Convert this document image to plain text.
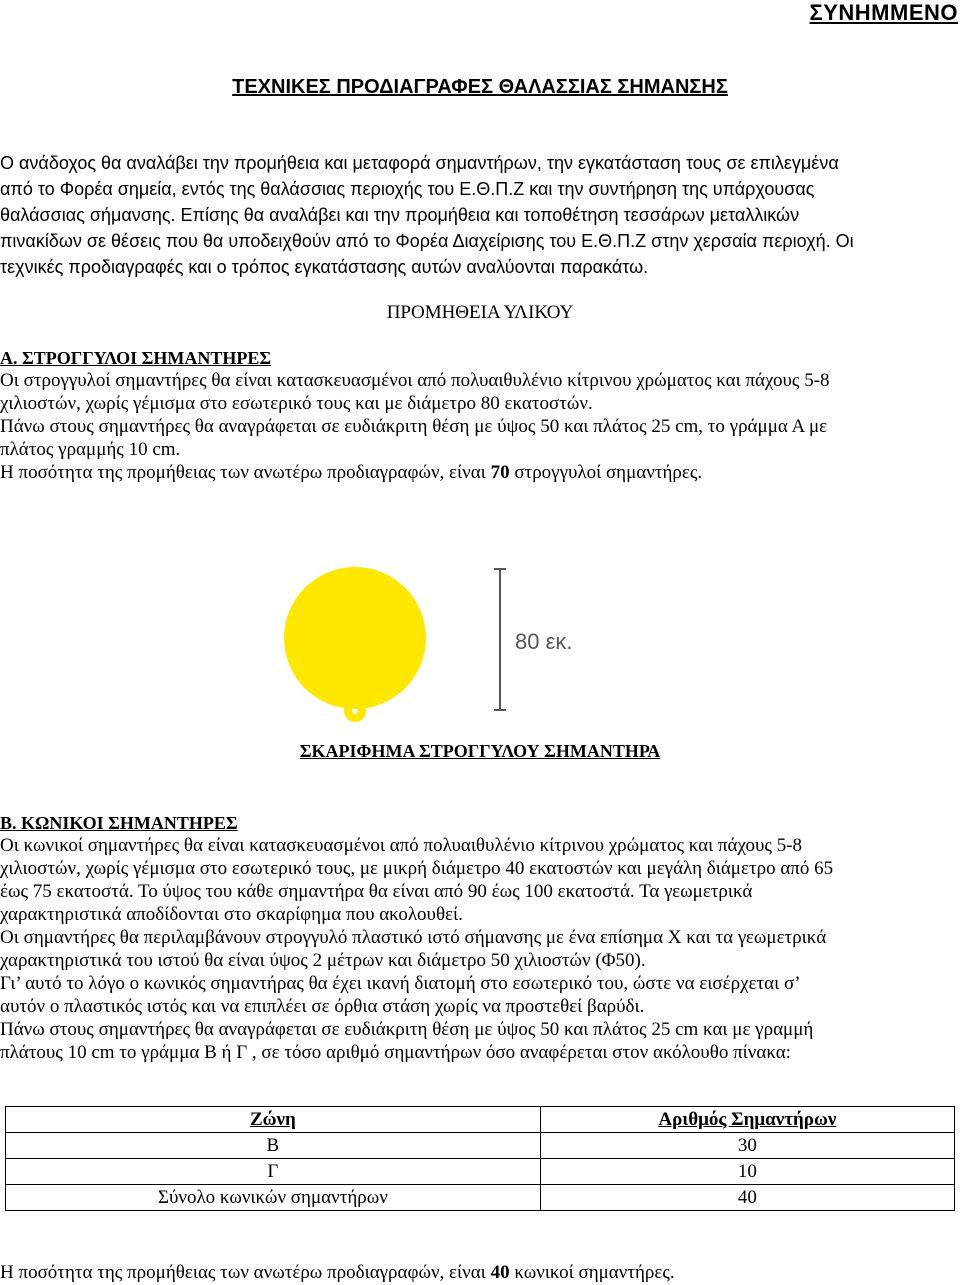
ΣΥΝΗΜΜΕΝΟ
ΤΕΧΝΙΚΕΣ ΠΡΟΔΙΑΓΡΑΦΕΣ ΘΑΛΑΣΣΙΑΣ ΣΗΜΑΝΣΗΣ
Ο ανάδοχος θα αναλάβει την προμήθεια και μεταφορά σημαντήρων, την εγκατάσταση τους σε επιλεγμένα
από το Φορέα σημεία, εντός της θαλάσσιας περιοχής του Ε.Θ.Π.Ζ και την συντήρηση της υπάρχουσας
θαλάσσιας σήμανσης. Επίσης θα αναλάβει και την προμήθεια και τοποθέτηση τεσσάρων μεταλλικών
πινακίδων σε θέσεις που θα υποδειχθούν από το Φορέα Διαχείρισης του Ε.Θ.Π.Ζ στην χερσαία περιοχή. Οι
τεχνικές προδιαγραφές και ο τρόπος εγκατάστασης αυτών αναλύονται παρακάτω.
ΠΡΟΜΗΘΕΙΑ ΥΛΙΚΟΥ
Α. ΣΤΡΟΓΓΥΛΟΙ ΣΗΜΑΝΤΗΡΕΣ
Οι στρογγυλοί σημαντήρες θα είναι κατασκευασμένοι από πολυαιθυλένιο κίτρινου χρώματος και πάχους 5-8
χιλιοστών, χωρίς γέμισμα στο εσωτερικό τους και με διάμετρο 80 εκατοστών.
Πάνω στους σημαντήρες θα αναγράφεται σε ευδιάκριτη θέση με ύψος 50 και πλάτος 25 cm, το γράμμα Α με
πλάτος γραμμής 10 cm.
Η ποσότητα της προμήθειας των ανωτέρω προδιαγραφών, είναι 70 στρογγυλοί σημαντήρες.
80 εκ.
ΣΚΑΡΙΦΗΜΑ ΣΤΡΟΓΓΥΛΟΥ ΣΗΜΑΝΤΗΡΑ
Β. ΚΩΝΙΚΟΙ ΣΗΜΑΝΤΗΡΕΣ
Οι κωνικοί σημαντήρες θα είναι κατασκευασμένοι από πολυαιθυλένιο κίτρινου χρώματος και πάχους 5-8
χιλιοστών, χωρίς γέμισμα στο εσωτερικό τους, με μικρή διάμετρο 40 εκατοστών και μεγάλη διάμετρο από 65
έως 75 εκατοστά. Το ύψος του κάθε σημαντήρα θα είναι από 90 έως 100 εκατοστά. Τα γεωμετρικά
χαρακτηριστικά αποδίδονται στο σκαρίφημα που ακολουθεί.
Οι σημαντήρες θα περιλαμβάνουν στρογγυλό πλαστικό ιστό σήμανσης με ένα επίσημα Χ και τα γεωμετρικά
χαρακτηριστικά του ιστού θα είναι ύψος 2 μέτρων και διάμετρο 50 χιλιοστών (Φ50).
Γι’ αυτό το λόγο ο κωνικός σημαντήρας θα έχει ικανή διατομή στο εσωτερικό του, ώστε να εισέρχεται σ’
αυτόν ο πλαστικός ιστός και να επιπλέει σε όρθια στάση χωρίς να προστεθεί βαρύδι.
Πάνω στους σημαντήρες θα αναγράφεται σε ευδιάκριτη θέση με ύψος 50 και πλάτος 25 cm και με γραμμή
πλάτους 10 cm το γράμμα Β ή Γ , σε τόσο αριθμό σημαντήρων όσο αναφέρεται στον ακόλουθο πίνακα:
Ζώνη	Αριθμός Σημαντήρων
Β	30
Γ	10
Σύνολο κωνικών σημαντήρων	40
Η ποσότητα της προμήθειας των ανωτέρω προδιαγραφών, είναι 40 κωνικοί σημαντήρες.
